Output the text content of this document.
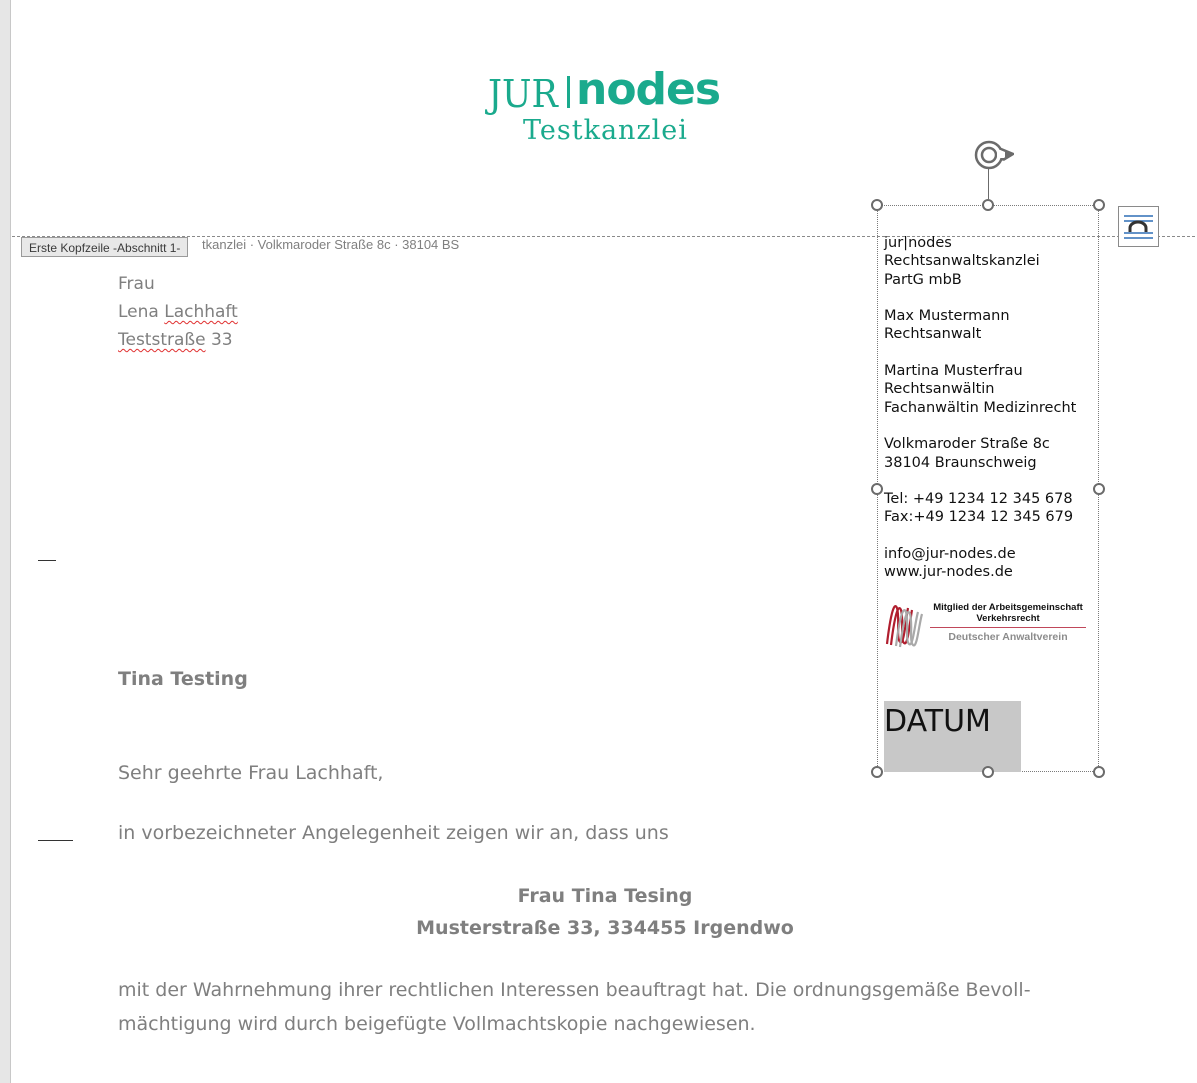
JUR nodes
Testkanzlei
tkanzlei · Volkmaroder Straße 8c · 38104 BS
Erste Kopfzeile -Abschnitt 1-
Frau
Lena Lachhaft
Teststraße 33
Tina Testing
Sehr geehrte Frau Lachhaft,
in vorbezeichneter Angelegenheit zeigen wir an, dass uns
Frau Tina Tesing
Musterstraße 33, 334455 Irgendwo
mit der Wahrnehmung ihrer rechtlichen Interessen beauftragt hat. Die ordnungsgemäße Bevoll-
mächtigung wird durch beigefügte Vollmachtskopie nachgewiesen.
jur|nodes
Rechtsanwaltskanzlei
PartG mbB
Max Mustermann
Rechtsanwalt
Martina Musterfrau
Rechtsanwältin
Fachanwältin Medizinrecht
Volkmaroder Straße 8c
38104 Braunschweig
Tel: +49 1234 12 345 678
Fax:+49 1234 12 345 679
info@jur-nodes.de
www.jur-nodes.de
Mitglied der Arbeitsgemeinschaft Verkehrsrecht
Deutscher Anwaltverein
DATUM
